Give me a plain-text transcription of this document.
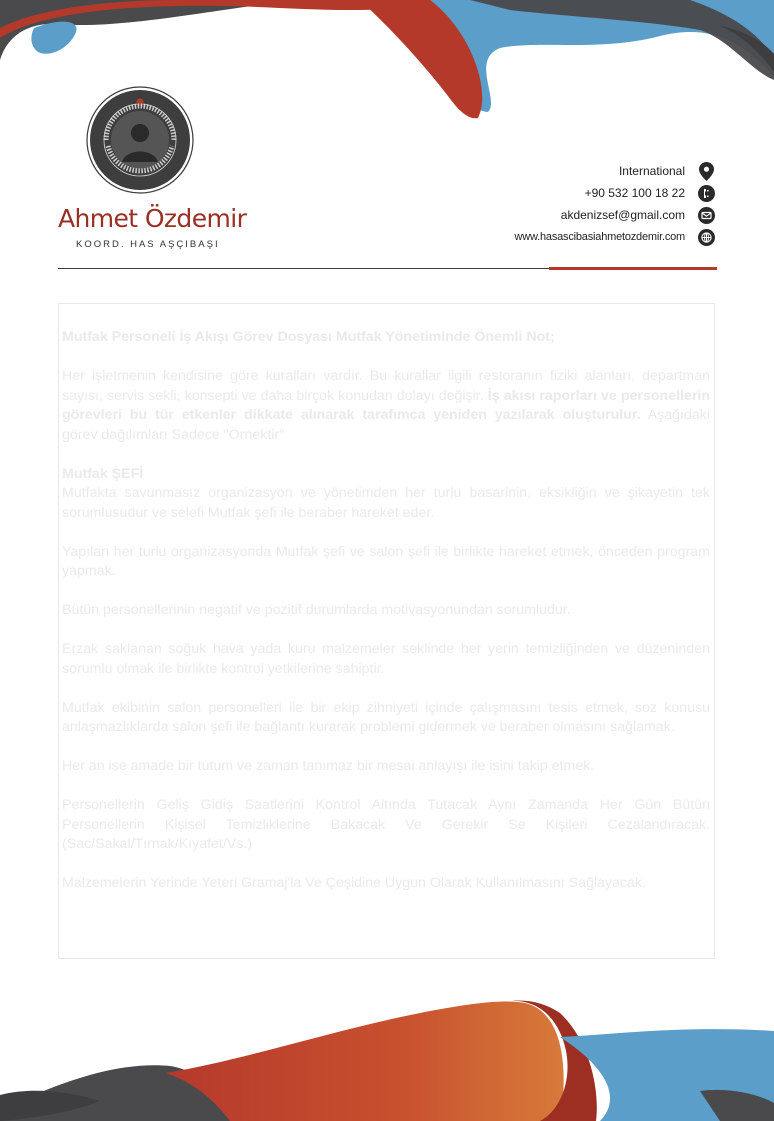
Ahmet Özdemir
KOORD. HAS AŞÇIBAŞI
International
+90 532 100 18 22
akdenizsef@gmail.com
www.hasascibasiahmetozdemir.com

Mutfak Personeli İş Akışı Görev Dosyası Mutfak Yönetiminde Önemli Not;

Her işletmenin kendisine göre kuralları vardır. Bu kurallar ilgili restoranın fiziki alanları, departman sayısı, servis sekli, konsepti ve daha birçok konudan dolayı değişir. İş akısı raporları ve personellerin görevleri bu tür etkenler dikkate alınarak tarafımca yeniden yazılarak oluşturulur. Aşağıdaki görev dağılımları Sadece "Örnektir"

Mutfak ŞEFİ
Mutfakta savunmasız organizasyon ve yönetimden her turlu basarinin, eksikliğin ve şikayetin tek sorumlusudur ve selefi Mutfak şefi ile beraber hareket eder.

Yapılan her turlu organizasyonda Mutfak şefi ve salon şefi ile birlikte hareket etmek, önceden program yapmak.

Bütün personellerinin negatif ve pozitif durumlarda motivasyonundan sorumludur.

Erzak saklanan soğuk hava yada kuru malzemeler seklinde her yerin temizliğinden ve düzeninden sorumlu olmak ile birlikte kontrol yetkilerine sahiptir.

Mutfak ekibinin salon personelleri ile bir ekip zihniyeti içinde çalışmasını tesis etmek, soz konusu anlaşmazlıklarda salon şefi ile bağlantı kurarak problemi gidermek ve beraber olmasını sağlamak.

Her an ise amade bir tutum ve zaman tanımaz bir mesai anlayışı ile isini takip etmek.

Personellerin Geliş Gidiş Saatlerini Kontrol Altında Tutacak Aynı Zamanda Her Gün Bütün Personellerin Kişisel Temizliklerine Bakacak Ve Gerekir Se Kişileri Cezalandıracak.(Sac/Sakal/Tırnak/Kıyafet/Vs.)

Malzemelerin Yerinde Yeteri Gramaj'la Ve Çeşidine Uygun Olarak Kullanılmasını Sağlayacak.
